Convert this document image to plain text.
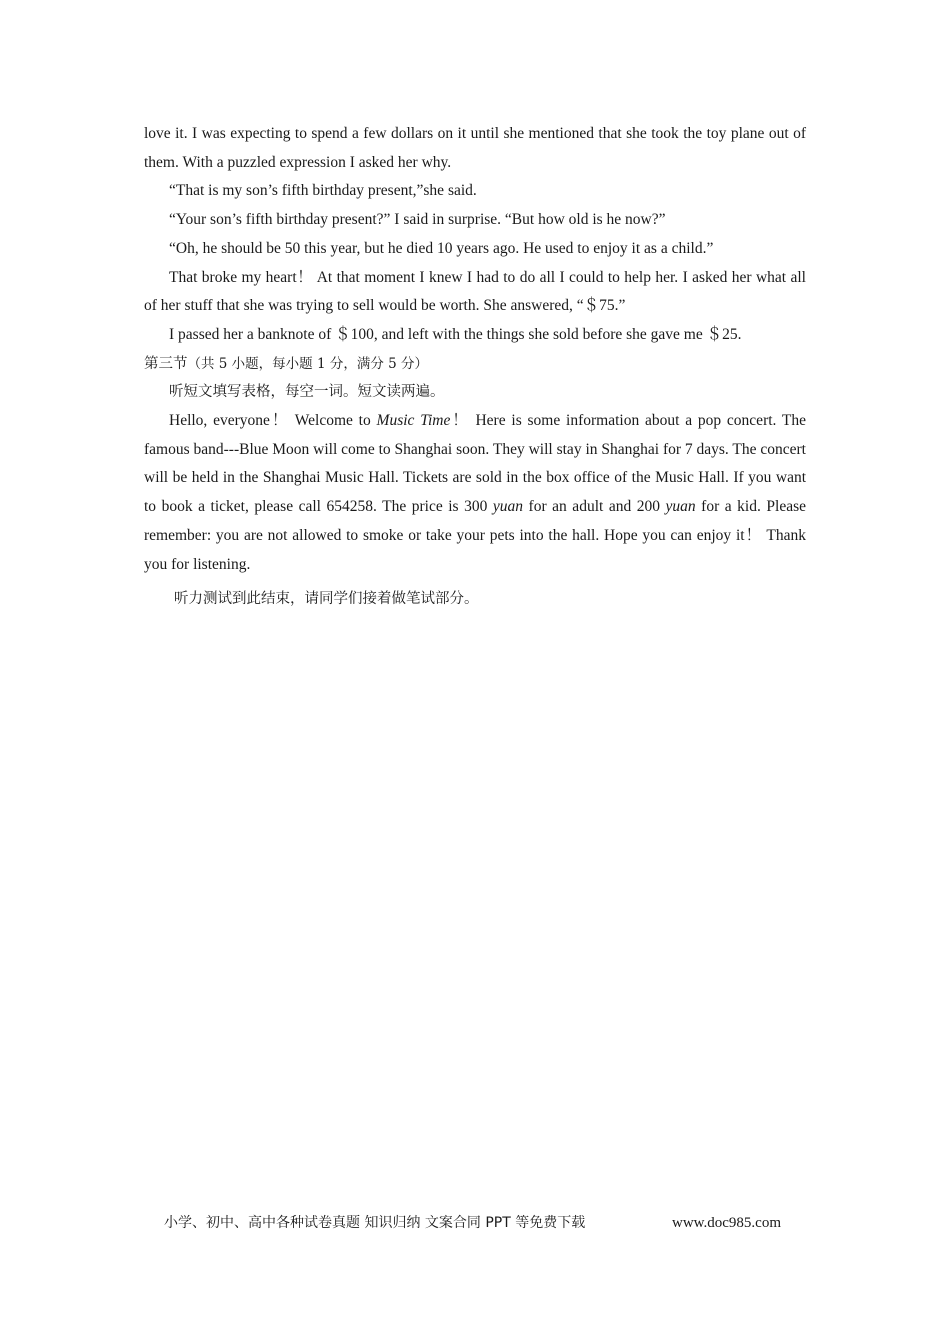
love it. I was expecting to spend a few dollars on it until she mentioned that she took the toy plane out of them. With a puzzled expression I asked her why.

“That is my son’s fifth birthday present,”she said.

“Your son’s fifth birthday present?” I said in surprise. “But how old is he now?”

“Oh, he should be 50 this year, but he died 10 years ago. He used to enjoy it as a child.”

That broke my heart！ At that moment I knew I had to do all I could to help her. I asked her what all of her stuff that she was trying to sell would be worth. She answered, “＄75.”

I passed her a banknote of ＄100, and left with the things she sold before she gave me ＄25.

第三节（共 5 小题，每小题 1 分，满分 5 分）

听短文填写表格，每空一词。短文读两遍。

Hello, everyone！ Welcome to Music Time！ Here is some information about a pop concert. The famous band---Blue Moon will come to Shanghai soon. They will stay in Shanghai for 7 days. The concert will be held in the Shanghai Music Hall. Tickets are sold in the box office of the Music Hall. If you want to book a ticket, please call 654258. The price is 300 yuan for an adult and 200 yuan for a kid. Please remember: you are not allowed to smoke or take your pets into the hall. Hope you can enjoy it！ Thank you for listening.

听力测试到此结束，请同学们接着做笔试部分。

小学、初中、高中各种试卷真题 知识归纳 文案合同 PPT 等免费下载	www.doc985.com
